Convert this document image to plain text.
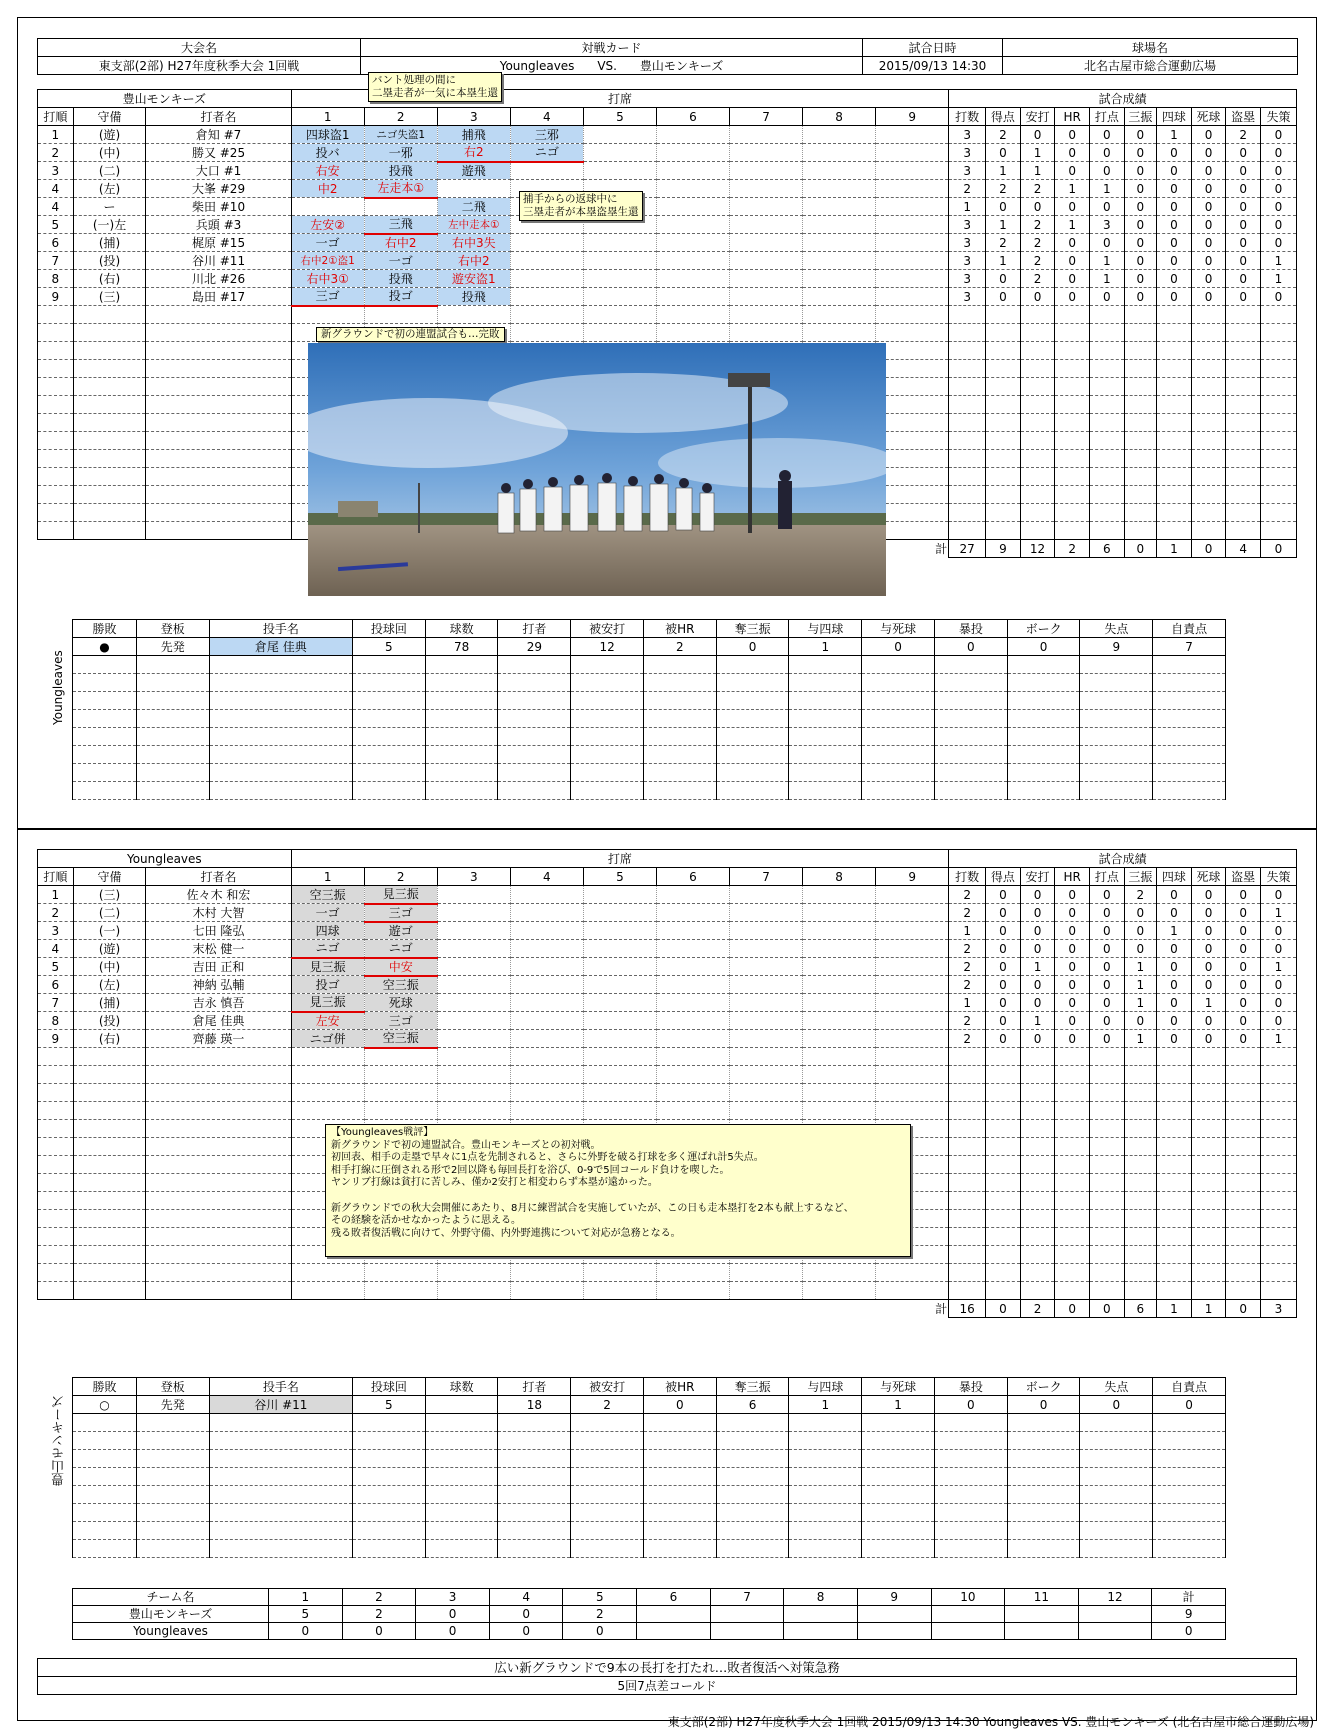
大会名	対戦カード	試合日時	球場名
東支部(2部) H27年度秋季大会 1回戦	Youngleaves VS. 豊山モンキーズ	2015/09/13 14:30	北名古屋市総合運動広場
豊山モンキーズ			打席									試合成績									
打順	守備	打者名	1	2	3	4	5	6	7	8	9	打数	得点	安打	HR	打点	三振	四球	死球	盗塁	失策
1	(遊)	倉知 #7	四球盗1	ニゴ失盗1	捕飛	三邪						3	2	0	0	0	0	1	0	2	0
2	(中)	勝又 #25	投バ	一邪	右2	ニゴ						3	0	1	0	0	0	0	0	0	0
3	(二)	大口 #1	右安	投飛	遊飛							3	1	1	0	0	0	0	0	0	0
4	(左)	大峯 #29	中2	左走本①								2	2	2	1	1	0	0	0	0	0
4	ー	柴田 #10			二飛							1	0	0	0	0	0	0	0	0	0
5	(一)左	兵頭 #3	左安②	三飛	左中走本①							3	1	2	1	3	0	0	0	0	0
6	(捕)	梶原 #15	一ゴ	右中2	右中3失							3	2	2	0	0	0	0	0	0	0
7	(投)	谷川 #11	右中2①盗1	一ゴ	右中2							3	1	2	0	1	0	0	0	0	1
8	(右)	川北 #26	右中3①	投飛	遊安盗1							3	0	2	0	1	0	0	0	0	1
9	(三)	島田 #17	三ゴ	投ゴ	投飛							3	0	0	0	0	0	0	0	0	0

											計	27	9	12	2	6	0	1	0	4	0
バント処理の間に
二塁走者が一気に本塁生還
捕手からの返球中に
三塁走者が本塁盗塁生還
新グラウンドで初の連盟試合も…完敗
Youngleaves
勝敗	登板	投手名	投球回	球数	打者	被安打	被HR	奪三振	与四球	与死球	暴投	ボーク	失点	自責点
●	先発	倉尾 佳典	5	78	29	12	2	0	1	0	0	0	9	7

Youngleaves			打席									試合成績									
打順	守備	打者名	1	2	3	4	5	6	7	8	9	打数	得点	安打	HR	打点	三振	四球	死球	盗塁	失策
1	(三)	佐々木 和宏	空三振	見三振								2	0	0	0	0	2	0	0	0	0
2	(二)	木村 大智	一ゴ	三ゴ								2	0	0	0	0	0	0	0	0	1
3	(一)	七田 隆弘	四球	遊ゴ								1	0	0	0	0	0	1	0	0	0
4	(遊)	末松 健一	ニゴ	ニゴ								2	0	0	0	0	0	0	0	0	0
5	(中)	吉田 正和	見三振	中安								2	0	1	0	0	1	0	0	0	1
6	(左)	神納 弘輔	投ゴ	空三振								2	0	0	0	0	1	0	0	0	0
7	(捕)	吉永 慎吾	見三振	死球								1	0	0	0	0	1	0	1	0	0
8	(投)	倉尾 佳典	左安	三ゴ								2	0	1	0	0	0	0	0	0	0
9	(右)	齊藤 瑛一	ニゴ併	空三振								2	0	0	0	0	1	0	0	0	1

											計	16	0	2	0	0	6	1	1	0	3
【Youngleaves戦評】
新グラウンドで初の連盟試合。豊山モンキーズとの初対戦。
初回表、相手の走塁で早々に1点を先制されると、さらに外野を破る打球を多く運ばれ計5失点。
相手打線に圧倒される形で2回以降も毎回長打を浴び、0-9で5回コールド負けを喫した。
ヤンリブ打線は貧打に苦しみ、僅か2安打と相変わらず本塁が遠かった。

新グラウンドでの秋大会開催にあたり、8月に練習試合を実施していたが、この日も走本塁打を2本も献上するなど、
その経験を活かせなかったように思える。
残る敗者復活戦に向けて、外野守備、内外野連携について対応が急務となる。
豊山モンキーズ
勝敗	登板	投手名	投球回	球数	打者	被安打	被HR	奪三振	与四球	与死球	暴投	ボーク	失点	自責点
○	先発	谷川 #11	5		18	2	0	6	1	1	0	0	0	0

チーム名	1	2	3	4	5	6	7	8	9	10	11	12	計
豊山モンキーズ	5	2	0	0	2								9
Youngleaves	0	0	0	0	0								0
広い新グラウンドで9本の長打を打たれ…敗者復活へ対策急務
5回7点差コールド
東支部(2部) H27年度秋季大会 1回戦 2015/09/13 14:30 Youngleaves VS. 豊山モンキーズ (北名古屋市総合運動広場)
